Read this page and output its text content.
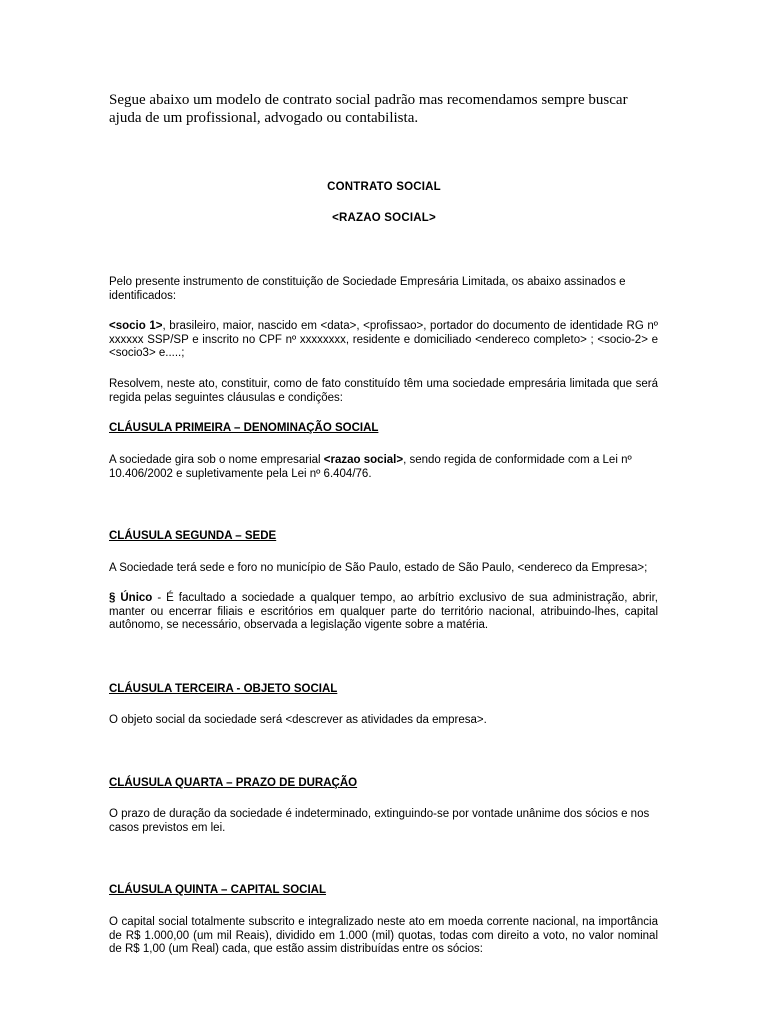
Segue abaixo um modelo de contrato social padrão mas recomendamos sempre buscar
ajuda de um profissional, advogado ou contabilista.
CONTRATO SOCIAL
<RAZAO SOCIAL>
Pelo presente instrumento de constituição de Sociedade Empresária Limitada, os abaixo assinados e identificados:
<socio 1>, brasileiro, maior, nascido em <data>, <profissao>, portador do documento de identidade RG nº xxxxxx SSP/SP e inscrito no CPF nº xxxxxxxx, residente e domiciliado <endereco completo> ; <socio-2> e <socio3> e.....;
Resolvem, neste ato, constituir, como de fato constituído têm uma sociedade empresária limitada que será regida pelas seguintes cláusulas e condições:
CLÁUSULA PRIMEIRA – DENOMINAÇÃO SOCIAL
A sociedade gira sob o nome empresarial <razao social>, sendo regida de conformidade com a Lei nº 10.406/2002 e supletivamente pela Lei nº 6.404/76.
CLÁUSULA SEGUNDA – SEDE
A Sociedade terá sede e foro no município de São Paulo, estado de São Paulo, <endereco da Empresa>;
§ Único - É facultado a sociedade a qualquer tempo, ao arbítrio exclusivo de sua administração, abrir, manter ou encerrar filiais e escritórios em qualquer parte do território nacional, atribuindo-lhes, capital autônomo, se necessário, observada a legislação vigente sobre a matéria.
CLÁUSULA TERCEIRA - OBJETO SOCIAL
O objeto social da sociedade será <descrever as atividades da empresa>.
CLÁUSULA QUARTA – PRAZO DE DURAÇÃO
O prazo de duração da sociedade é indeterminado, extinguindo-se por vontade unânime dos sócios e nos casos previstos em lei.
CLÁUSULA QUINTA – CAPITAL SOCIAL
O capital social totalmente subscrito e integralizado neste ato em moeda corrente nacional, na importância de R$ 1.000,00 (um mil Reais), dividido em 1.000 (mil) quotas, todas com direito a voto, no valor nominal de R$ 1,00 (um Real) cada, que estão assim distribuídas entre os sócios:
